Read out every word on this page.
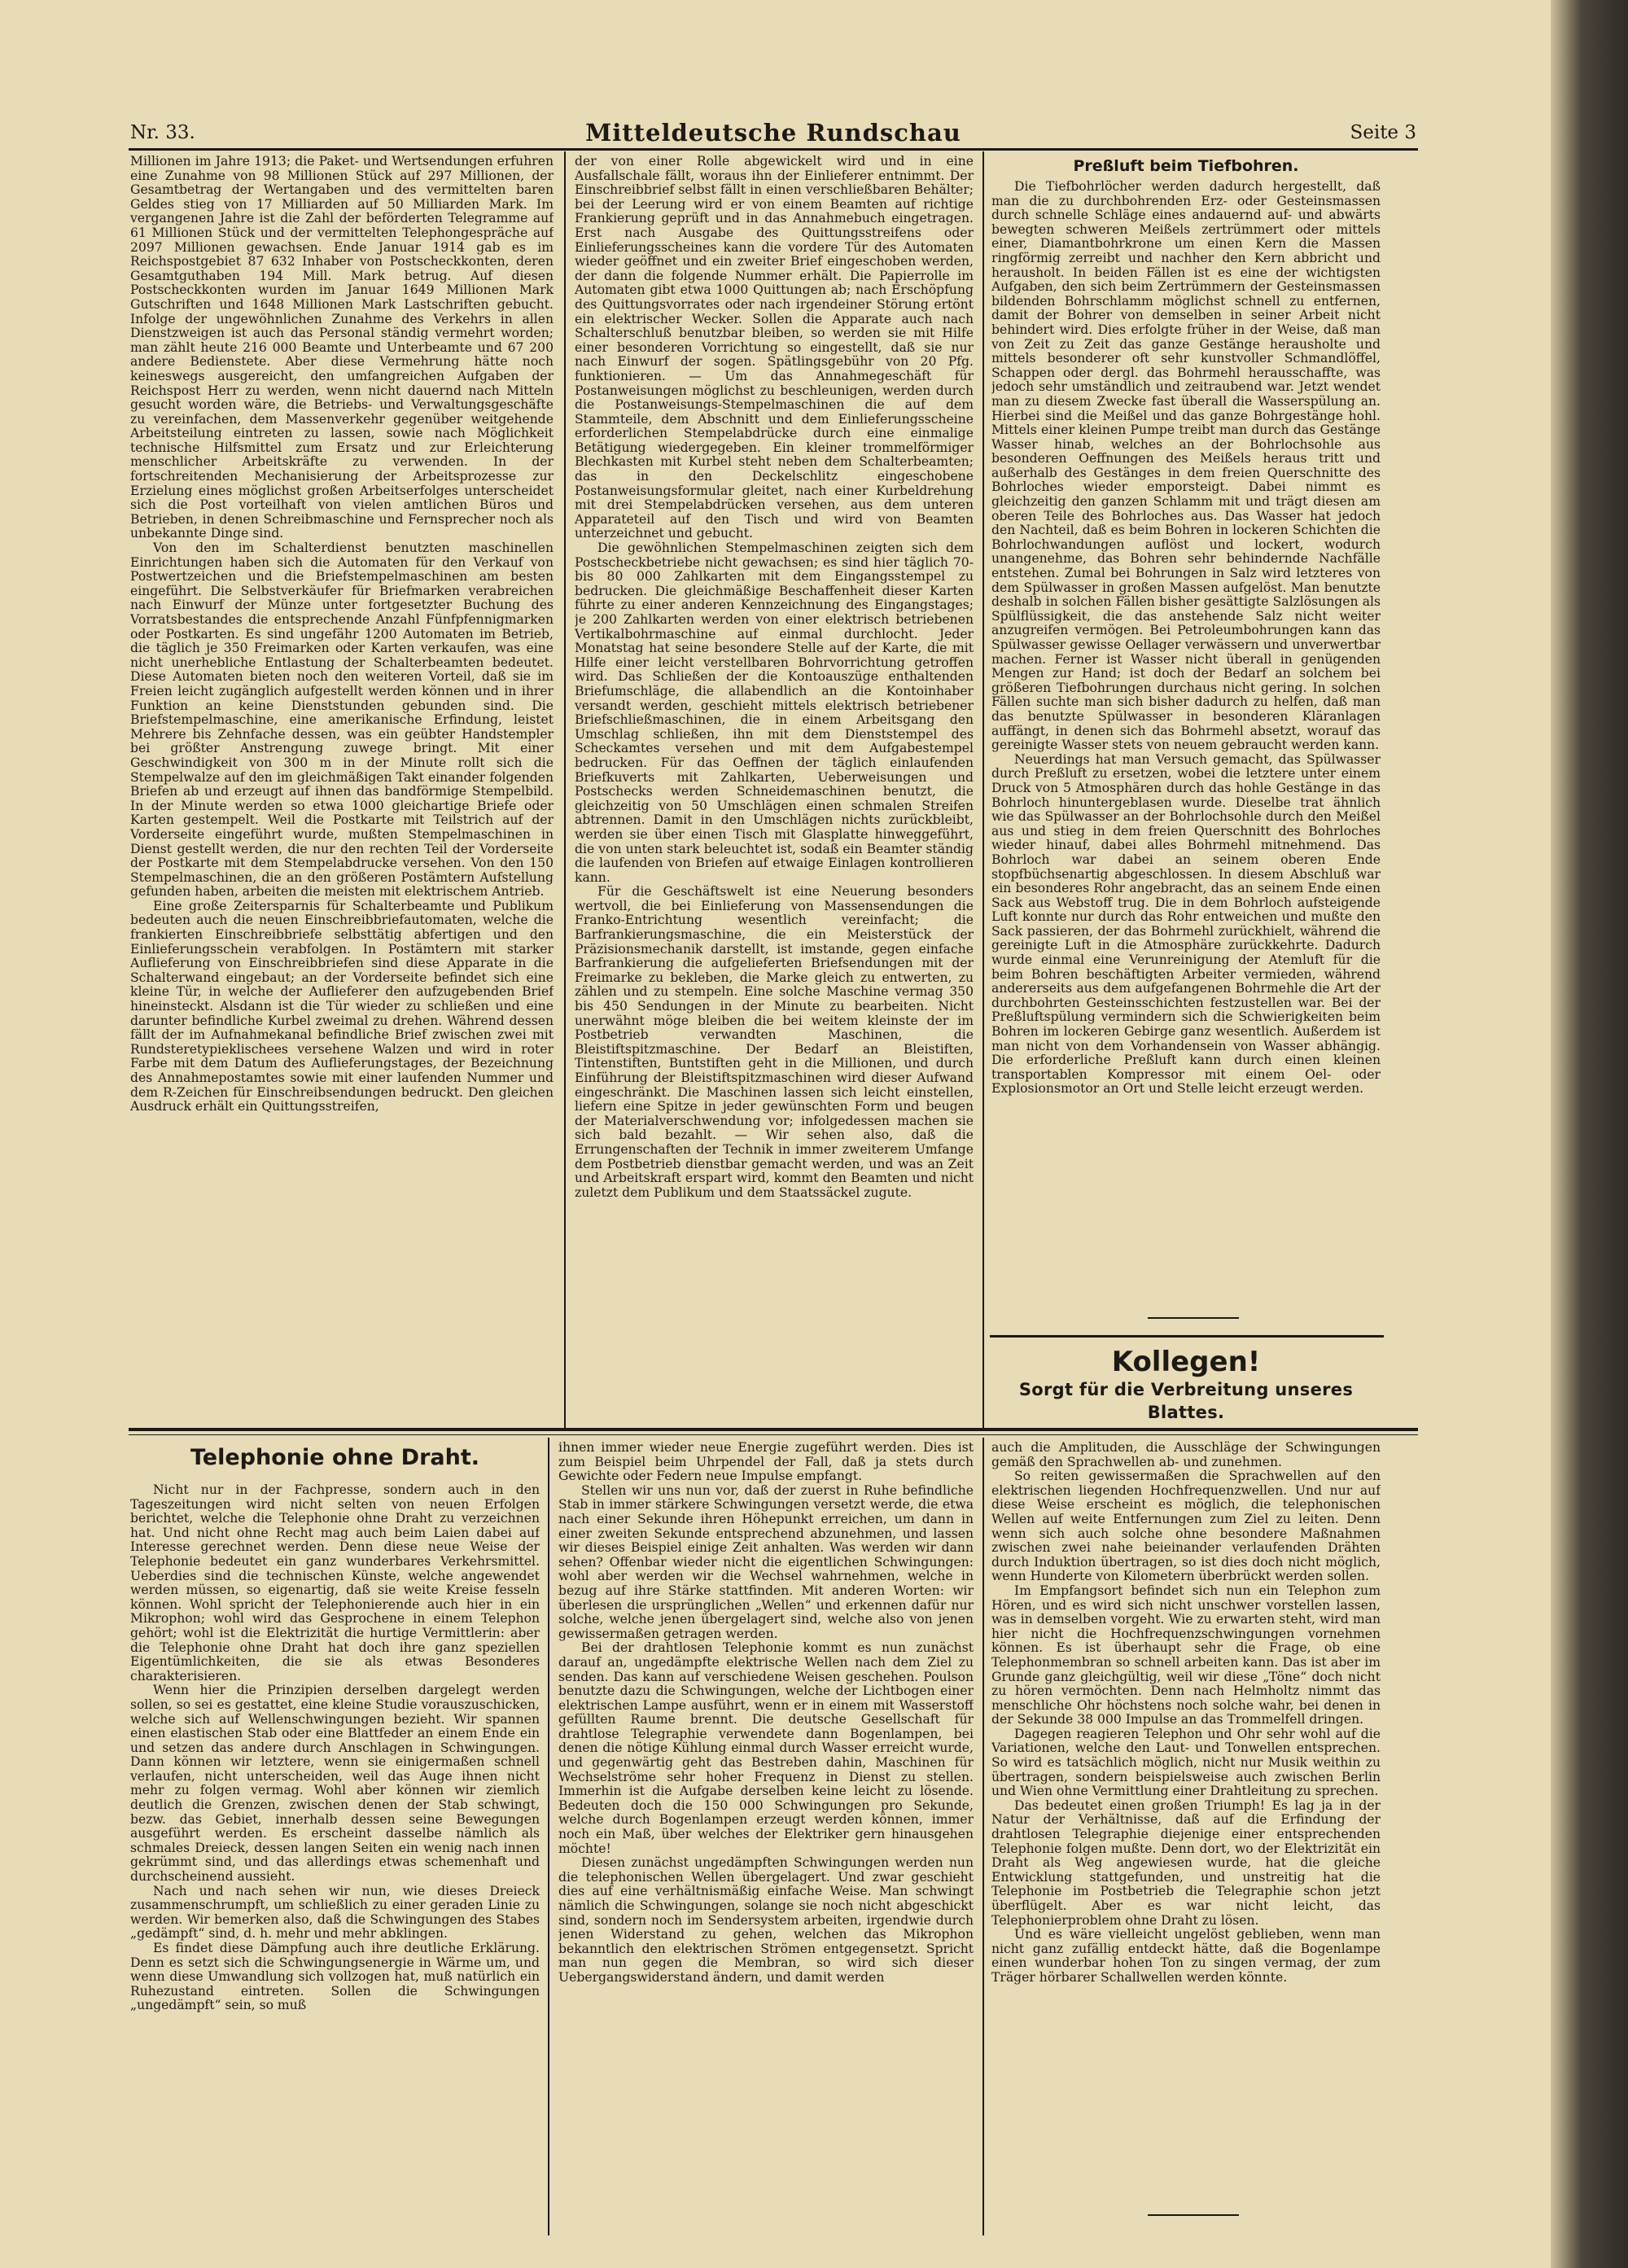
Nr. 33.	Mitteldeutsche Rundschau	Seite 3

Millionen im Jahre 1913; die Paket- und Wertsendungen erfuhren eine Zunahme von 98 Millionen Stück auf 297 Millionen, der Gesamtbetrag der Wertangaben und des vermittelten baren Geldes stieg von 17 Milliarden auf 50 Milliarden Mark. Im vergangenen Jahre ist die Zahl der beförderten Telegramme auf 61 Millionen Stück und der vermittelten Telephongespräche auf 2097 Millionen gewachsen. Ende Januar 1914 gab es im Reichspostgebiet 87 632 Inhaber von Postscheckkonten, deren Gesamtguthaben 194 Mill. Mark betrug. Auf diesen Postscheckkonten wurden im Januar 1649 Millionen Mark Gutschriften und 1648 Millionen Mark Lastschriften gebucht. Infolge der ungewöhnlichen Zunahme des Verkehrs in allen Dienstzweigen ist auch das Personal ständig vermehrt worden; man zählt heute 216 000 Beamte und Unterbeamte und 67 200 andere Bedienstete. Aber diese Vermehrung hätte noch keineswegs ausgereicht, den umfangreichen Aufgaben der Reichspost Herr zu werden, wenn nicht dauernd nach Mitteln gesucht worden wäre, die Betriebs- und Verwaltungsgeschäfte zu vereinfachen, dem Massenverkehr gegenüber weitgehende Arbeitsteilung eintreten zu lassen, sowie nach Möglichkeit technische Hilfsmittel zum Ersatz und zur Erleichterung menschlicher Arbeitskräfte zu verwenden. In der fortschreitenden Mechanisierung der Arbeitsprozesse zur Erzielung eines möglichst großen Arbeitserfolges unterscheidet sich die Post vorteilhaft von vielen amtlichen Büros und Betrieben, in denen Schreibmaschine und Fernsprecher noch als unbekannte Dinge sind.

Von den im Schalterdienst benutzten maschinellen Einrichtungen haben sich die Automaten für den Verkauf von Postwertzeichen und die Briefstempelmaschinen am besten eingeführt. Die Selbstverkäufer für Briefmarken verabreichen nach Einwurf der Münze unter fortgesetzter Buchung des Vorratsbestandes die entsprechende Anzahl Fünfpfennigmarken oder Postkarten. Es sind ungefähr 1200 Automaten im Betrieb, die täglich je 350 Freimarken oder Karten verkaufen, was eine nicht unerhebliche Entlastung der Schalterbeamten bedeutet. Diese Automaten bieten noch den weiteren Vorteil, daß sie im Freien leicht zugänglich aufgestellt werden können und in ihrer Funktion an keine Dienststunden gebunden sind. Die Briefstempelmaschine, eine amerikanische Erfindung, leistet Mehrere bis Zehnfache dessen, was ein geübter Handstempler bei größter Anstrengung zuwege bringt. Mit einer Geschwindigkeit von 300 m in der Minute rollt sich die Stempelwalze auf den im gleichmäßigen Takt einander folgenden Briefen ab und erzeugt auf ihnen das bandförmige Stempelbild. In der Minute werden so etwa 1000 gleichartige Briefe oder Karten gestempelt. Weil die Postkarte mit Teilstrich auf der Vorderseite eingeführt wurde, mußten Stempelmaschinen in Dienst gestellt werden, die nur den rechten Teil der Vorderseite der Postkarte mit dem Stempelabdrucke versehen. Von den 150 Stempelmaschinen, die an den größeren Postämtern Aufstellung gefunden haben, arbeiten die meisten mit elektrischem Antrieb.

Eine große Zeitersparnis für Schalterbeamte und Publikum bedeuten auch die neuen Einschreibbriefautomaten, welche die frankierten Einschreibbriefe selbsttätig abfertigen und den Einlieferungsschein verabfolgen. In Postämtern mit starker Auflieferung von Einschreibbriefen sind diese Apparate in die Schalterwand eingebaut; an der Vorderseite befindet sich eine kleine Tür, in welche der Auflieferer den aufzugebenden Brief hineinsteckt. Alsdann ist die Tür wieder zu schließen und eine darunter befindliche Kurbel zweimal zu drehen. Während dessen fällt der im Aufnahmekanal befindliche Brief zwischen zwei mit Rundsteretypieklischees versehene Walzen und wird in roter Farbe mit dem Datum des Auflieferungstages, der Bezeichnung des Annahmepostamtes sowie mit einer laufenden Nummer und dem R-Zeichen für Einschreibsendungen bedruckt. Den gleichen Ausdruck erhält ein Quittungsstreifen,

der von einer Rolle abgewickelt wird und in eine Ausfallschale fällt, woraus ihn der Einlieferer entnimmt. Der Einschreibbrief selbst fällt in einen verschließbaren Behälter; bei der Leerung wird er von einem Beamten auf richtige Frankierung geprüft und in das Annahmebuch eingetragen. Erst nach Ausgabe des Quittungsstreifens oder Einlieferungsscheines kann die vordere Tür des Automaten wieder geöffnet und ein zweiter Brief eingeschoben werden, der dann die folgende Nummer erhält. Die Papierrolle im Automaten gibt etwa 1000 Quittungen ab; nach Erschöpfung des Quittungsvorrates oder nach irgendeiner Störung ertönt ein elektrischer Wecker. Sollen die Apparate auch nach Schalterschluß benutzbar bleiben, so werden sie mit Hilfe einer besonderen Vorrichtung so eingestellt, daß sie nur nach Einwurf der sogen. Spätlingsgebühr von 20 Pfg. funktionieren. — Um das Annahmegeschäft für Postanweisungen möglichst zu beschleunigen, werden durch die Postanweisungs-Stempelmaschinen die auf dem Stammteile, dem Abschnitt und dem Einlieferungsscheine erforderlichen Stempelabdrücke durch eine einmalige Betätigung wiedergegeben. Ein kleiner trommelförmiger Blechkasten mit Kurbel steht neben dem Schalterbeamten; das in den Deckelschlitz eingeschobene Postanweisungsformular gleitet, nach einer Kurbeldrehung mit drei Stempelabdrücken versehen, aus dem unteren Apparateteil auf den Tisch und wird von Beamten unterzeichnet und gebucht.

Die gewöhnlichen Stempelmaschinen zeigten sich dem Postscheckbetriebe nicht gewachsen; es sind hier täglich 70- bis 80 000 Zahlkarten mit dem Eingangsstempel zu bedrucken. Die gleichmäßige Beschaffenheit dieser Karten führte zu einer anderen Kennzeichnung des Eingangstages; je 200 Zahlkarten werden von einer elektrisch betriebenen Vertikalbohrmaschine auf einmal durchlocht. Jeder Monatstag hat seine besondere Stelle auf der Karte, die mit Hilfe einer leicht verstellbaren Bohrvorrichtung getroffen wird. Das Schließen der die Kontoauszüge enthaltenden Briefumschläge, die allabendlich an die Kontoinhaber versandt werden, geschieht mittels elektrisch betriebener Briefschließmaschinen, die in einem Arbeitsgang den Umschlag schließen, ihn mit dem Dienststempel des Scheckamtes versehen und mit dem Aufgabestempel bedrucken. Für das Oeffnen der täglich einlaufenden Briefkuverts mit Zahlkarten, Ueberweisungen und Postschecks werden Schneidemaschinen benutzt, die gleichzeitig von 50 Umschlägen einen schmalen Streifen abtrennen. Damit in den Umschlägen nichts zurückbleibt, werden sie über einen Tisch mit Glasplatte hinweggeführt, die von unten stark beleuchtet ist, sodaß ein Beamter ständig die laufenden von Briefen auf etwaige Einlagen kontrollieren kann.

Für die Geschäftswelt ist eine Neuerung besonders wertvoll, die bei Einlieferung von Massensendungen die Franko-Entrichtung wesentlich vereinfacht; die Barfrankierungsmaschine, die ein Meisterstück der Präzisionsmechanik darstellt, ist imstande, gegen einfache Barfrankierung die aufgelieferten Briefsendungen mit der Freimarke zu bekleben, die Marke gleich zu entwerten, zu zählen und zu stempeln. Eine solche Maschine vermag 350 bis 450 Sendungen in der Minute zu bearbeiten. Nicht unerwähnt möge bleiben die bei weitem kleinste der im Postbetrieb verwandten Maschinen, die Bleistiftspitzmaschine. Der Bedarf an Bleistiften, Tintenstiften, Buntstiften geht in die Millionen, und durch Einführung der Bleistiftspitzmaschinen wird dieser Aufwand eingeschränkt. Die Maschinen lassen sich leicht einstellen, liefern eine Spitze in jeder gewünschten Form und beugen der Materialverschwendung vor; infolgedessen machen sie sich bald bezahlt. — Wir sehen also, daß die Errungenschaften der Technik in immer zweiterem Umfange dem Postbetrieb dienstbar gemacht werden, und was an Zeit und Arbeitskraft erspart wird, kommt den Beamten und nicht zuletzt dem Publikum und dem Staatssäckel zugute.

Preßluft beim Tiefbohren.

Die Tiefbohrlöcher werden dadurch hergestellt, daß man die zu durchbohrenden Erz- oder Gesteinsmassen durch schnelle Schläge eines andauernd auf- und abwärts bewegten schweren Meißels zertrümmert oder mittels einer, Diamantbohrkrone um einen Kern die Massen ringförmig zerreibt und nachher den Kern abbricht und herausholt. In beiden Fällen ist es eine der wichtigsten Aufgaben, den sich beim Zertrümmern der Gesteinsmassen bildenden Bohrschlamm möglichst schnell zu entfernen, damit der Bohrer von demselben in seiner Arbeit nicht behindert wird. Dies erfolgte früher in der Weise, daß man von Zeit zu Zeit das ganze Gestänge herausholte und mittels besonderer oft sehr kunstvoller Schmandlöffel, Schappen oder dergl. das Bohrmehl herausschaffte, was jedoch sehr umständlich und zeitraubend war. Jetzt wendet man zu diesem Zwecke fast überall die Wasserspülung an. Hierbei sind die Meißel und das ganze Bohrgestänge hohl. Mittels einer kleinen Pumpe treibt man durch das Gestänge Wasser hinab, welches an der Bohrlochsohle aus besonderen Oeffnungen des Meißels heraus tritt und außerhalb des Gestänges in dem freien Querschnitte des Bohrloches wieder emporsteigt. Dabei nimmt es gleichzeitig den ganzen Schlamm mit und trägt diesen am oberen Teile des Bohrloches aus. Das Wasser hat jedoch den Nachteil, daß es beim Bohren in lockeren Schichten die Bohrlochwandungen auflöst und lockert, wodurch unangenehme, das Bohren sehr behindernde Nachfälle entstehen. Zumal bei Bohrungen in Salz wird letzteres von dem Spülwasser in großen Massen aufgelöst. Man benutzte deshalb in solchen Fällen bisher gesättigte Salzlösungen als Spülflüssigkeit, die das anstehende Salz nicht weiter anzugreifen vermögen. Bei Petroleumbohrungen kann das Spülwasser gewisse Oellager verwässern und unverwertbar machen. Ferner ist Wasser nicht überall in genügenden Mengen zur Hand; ist doch der Bedarf an solchem bei größeren Tiefbohrungen durchaus nicht gering. In solchen Fällen suchte man sich bisher dadurch zu helfen, daß man das benutzte Spülwasser in besonderen Kläranlagen auffängt, in denen sich das Bohrmehl absetzt, worauf das gereinigte Wasser stets von neuem gebraucht werden kann.

Neuerdings hat man Versuch gemacht, das Spülwasser durch Preßluft zu ersetzen, wobei die letztere unter einem Druck von 5 Atmosphären durch das hohle Gestänge in das Bohrloch hinuntergeblasen wurde. Dieselbe trat ähnlich wie das Spülwasser an der Bohrlochsohle durch den Meißel aus und stieg in dem freien Querschnitt des Bohrloches wieder hinauf, dabei alles Bohrmehl mitnehmend. Das Bohrloch war dabei an seinem oberen Ende stopfbüchsenartig abgeschlossen. In diesem Abschluß war ein besonderes Rohr angebracht, das an seinem Ende einen Sack aus Webstoff trug. Die in dem Bohrloch aufsteigende Luft konnte nur durch das Rohr entweichen und mußte den Sack passieren, der das Bohrmehl zurückhielt, während die gereinigte Luft in die Atmosphäre zurückkehrte. Dadurch wurde einmal eine Verunreinigung der Atemluft für die beim Bohren beschäftigten Arbeiter vermieden, während andererseits aus dem aufgefangenen Bohrmehle die Art der durchbohrten Gesteinsschichten festzustellen war. Bei der Preßluftspülung vermindern sich die Schwierigkeiten beim Bohren im lockeren Gebirge ganz wesentlich. Außerdem ist man nicht von dem Vorhandensein von Wasser abhängig. Die erforderliche Preßluft kann durch einen kleinen transportablen Kompressor mit einem Oel- oder Explosionsmotor an Ort und Stelle leicht erzeugt werden.

Kollegen!
Sorgt für die Verbreitung unseres Blattes.
Telephonie ohne Draht.

Nicht nur in der Fachpresse, sondern auch in den Tageszeitungen wird nicht selten von neuen Erfolgen berichtet, welche die Telephonie ohne Draht zu verzeichnen hat. Und nicht ohne Recht mag auch beim Laien dabei auf Interesse gerechnet werden. Denn diese neue Weise der Telephonie bedeutet ein ganz wunderbares Verkehrsmittel. Ueberdies sind die technischen Künste, welche angewendet werden müssen, so eigenartig, daß sie weite Kreise fesseln können. Wohl spricht der Telephonierende auch hier in ein Mikrophon; wohl wird das Gesprochene in einem Telephon gehört; wohl ist die Elektrizität die hurtige Vermittlerin: aber die Telephonie ohne Draht hat doch ihre ganz speziellen Eigentümlichkeiten, die sie als etwas Besonderes charakterisieren.

Wenn hier die Prinzipien derselben dargelegt werden sollen, so sei es gestattet, eine kleine Studie vorauszuschicken, welche sich auf Wellenschwingungen bezieht. Wir spannen einen elastischen Stab oder eine Blattfeder an einem Ende ein und setzen das andere durch Anschlagen in Schwingungen. Dann können wir letztere, wenn sie einigermaßen schnell verlaufen, nicht unterscheiden, weil das Auge ihnen nicht mehr zu folgen vermag. Wohl aber können wir ziemlich deutlich die Grenzen, zwischen denen der Stab schwingt, bezw. das Gebiet, innerhalb dessen seine Bewegungen ausgeführt werden. Es erscheint dasselbe nämlich als schmales Dreieck, dessen langen Seiten ein wenig nach innen gekrümmt sind, und das allerdings etwas schemenhaft und durchscheinend aussieht.

Nach und nach sehen wir nun, wie dieses Dreieck zusammenschrumpft, um schließlich zu einer geraden Linie zu werden. Wir bemerken also, daß die Schwingungen des Stabes „gedämpft“ sind, d. h. mehr und mehr abklingen.

Es findet diese Dämpfung auch ihre deutliche Erklärung. Denn es setzt sich die Schwingungsenergie in Wärme um, und wenn diese Umwandlung sich vollzogen hat, muß natürlich ein Ruhezustand eintreten. Sollen die Schwingungen „ungedämpft“ sein, so muß

ihnen immer wieder neue Energie zugeführt werden. Dies ist zum Beispiel beim Uhrpendel der Fall, daß ja stets durch Gewichte oder Federn neue Impulse empfangt.

Stellen wir uns nun vor, daß der zuerst in Ruhe befindliche Stab in immer stärkere Schwingungen versetzt werde, die etwa nach einer Sekunde ihren Höhepunkt erreichen, um dann in einer zweiten Sekunde entsprechend abzunehmen, und lassen wir dieses Beispiel einige Zeit anhalten. Was werden wir dann sehen? Offenbar wieder nicht die eigentlichen Schwingungen: wohl aber werden wir die Wechsel wahrnehmen, welche in bezug auf ihre Stärke stattfinden. Mit anderen Worten: wir überlesen die ursprünglichen „Wellen“ und erkennen dafür nur solche, welche jenen übergelagert sind, welche also von jenen gewissermaßen getragen werden.

Bei der drahtlosen Telephonie kommt es nun zunächst darauf an, ungedämpfte elektrische Wellen nach dem Ziel zu senden. Das kann auf verschiedene Weisen geschehen. Poulson benutzte dazu die Schwingungen, welche der Lichtbogen einer elektrischen Lampe ausführt, wenn er in einem mit Wasserstoff gefüllten Raume brennt. Die deutsche Gesellschaft für drahtlose Telegraphie verwendete dann Bogenlampen, bei denen die nötige Kühlung einmal durch Wasser erreicht wurde, und gegenwärtig geht das Bestreben dahin, Maschinen für Wechselströme sehr hoher Frequenz in Dienst zu stellen. Immerhin ist die Aufgabe derselben keine leicht zu lösende. Bedeuten doch die 150 000 Schwingungen pro Sekunde, welche durch Bogenlampen erzeugt werden können, immer noch ein Maß, über welches der Elektriker gern hinausgehen möchte!

Diesen zunächst ungedämpften Schwingungen werden nun die telephonischen Wellen übergelagert. Und zwar geschieht dies auf eine verhältnismäßig einfache Weise. Man schwingt nämlich die Schwingungen, solange sie noch nicht abgeschickt sind, sondern noch im Sendersystem arbeiten, irgendwie durch jenen Widerstand zu gehen, welchen das Mikrophon bekanntlich den elektrischen Strömen entgegensetzt. Spricht man nun gegen die Membran, so wird sich dieser Uebergangswiderstand ändern, und damit werden

auch die Amplituden, die Ausschläge der Schwingungen gemäß den Sprachwellen ab- und zunehmen.

So reiten gewissermaßen die Sprachwellen auf den elektrischen liegenden Hochfrequenzwellen. Und nur auf diese Weise erscheint es möglich, die telephonischen Wellen auf weite Entfernungen zum Ziel zu leiten. Denn wenn sich auch solche ohne besondere Maßnahmen zwischen zwei nahe beieinander verlaufenden Drähten durch Induktion übertragen, so ist dies doch nicht möglich, wenn Hunderte von Kilometern überbrückt werden sollen.

Im Empfangsort befindet sich nun ein Telephon zum Hören, und es wird sich nicht unschwer vorstellen lassen, was in demselben vorgeht. Wie zu erwarten steht, wird man hier nicht die Hochfrequenzschwingungen vornehmen können. Es ist überhaupt sehr die Frage, ob eine Telephonmembran so schnell arbeiten kann. Das ist aber im Grunde ganz gleichgültig, weil wir diese „Töne“ doch nicht zu hören vermöchten. Denn nach Helmholtz nimmt das menschliche Ohr höchstens noch solche wahr, bei denen in der Sekunde 38 000 Impulse an das Trommelfell dringen.

Dagegen reagieren Telephon und Ohr sehr wohl auf die Variationen, welche den Laut- und Tonwellen entsprechen. So wird es tatsächlich möglich, nicht nur Musik weithin zu übertragen, sondern beispielsweise auch zwischen Berlin und Wien ohne Vermittlung einer Drahtleitung zu sprechen.

Das bedeutet einen großen Triumph! Es lag ja in der Natur der Verhältnisse, daß auf die Erfindung der drahtlosen Telegraphie diejenige einer entsprechenden Telephonie folgen mußte. Denn dort, wo der Elektrizität ein Draht als Weg angewiesen wurde, hat die gleiche Entwicklung stattgefunden, und unstreitig hat die Telephonie im Postbetrieb die Telegraphie schon jetzt überflügelt. Aber es war nicht leicht, das Telephonierproblem ohne Draht zu lösen.

Und es wäre vielleicht ungelöst geblieben, wenn man nicht ganz zufällig entdeckt hätte, daß die Bogenlampe einen wunderbar hohen Ton zu singen vermag, der zum Träger hörbarer Schallwellen werden könnte.
